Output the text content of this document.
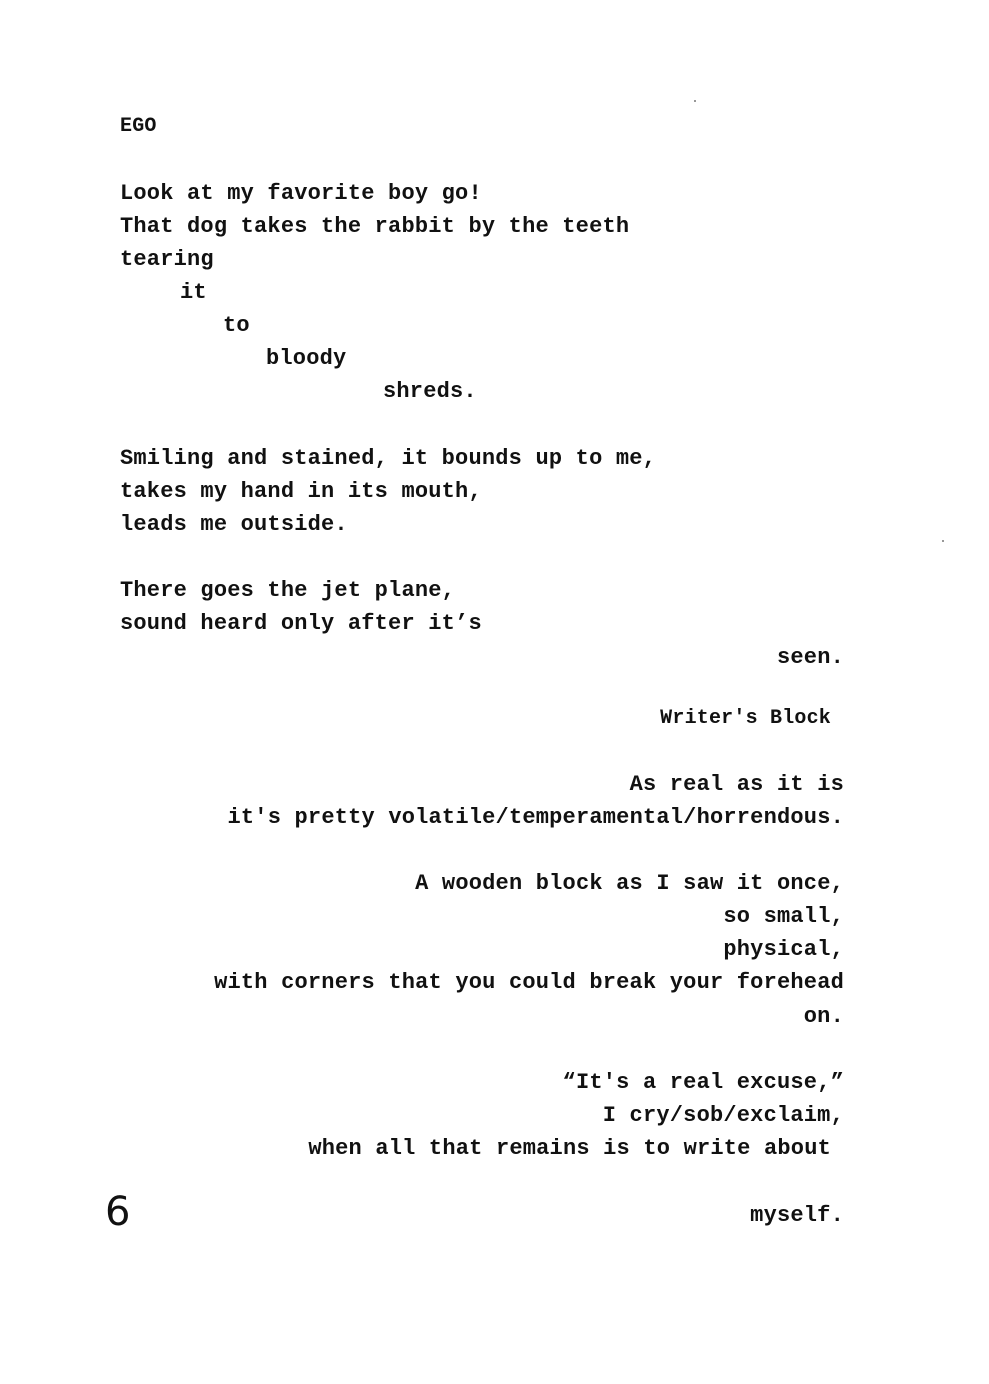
EGO
Look at my favorite boy go!
That dog takes the rabbit by the teeth
tearing
it
to
bloody
shreds.
Smiling and stained, it bounds up to me,
takes my hand in its mouth,
leads me outside.
There goes the jet plane,
sound heard only after it’s
seen.
Writer's Block
As real as it is
it's pretty volatile/temperamental/horrendous.
A wooden block as I saw it once,
so small,
physical,
with corners that you could break your forehead
on.
“It's a real excuse,”
I cry/sob/exclaim,
when all that remains is to write about
myself.
6
